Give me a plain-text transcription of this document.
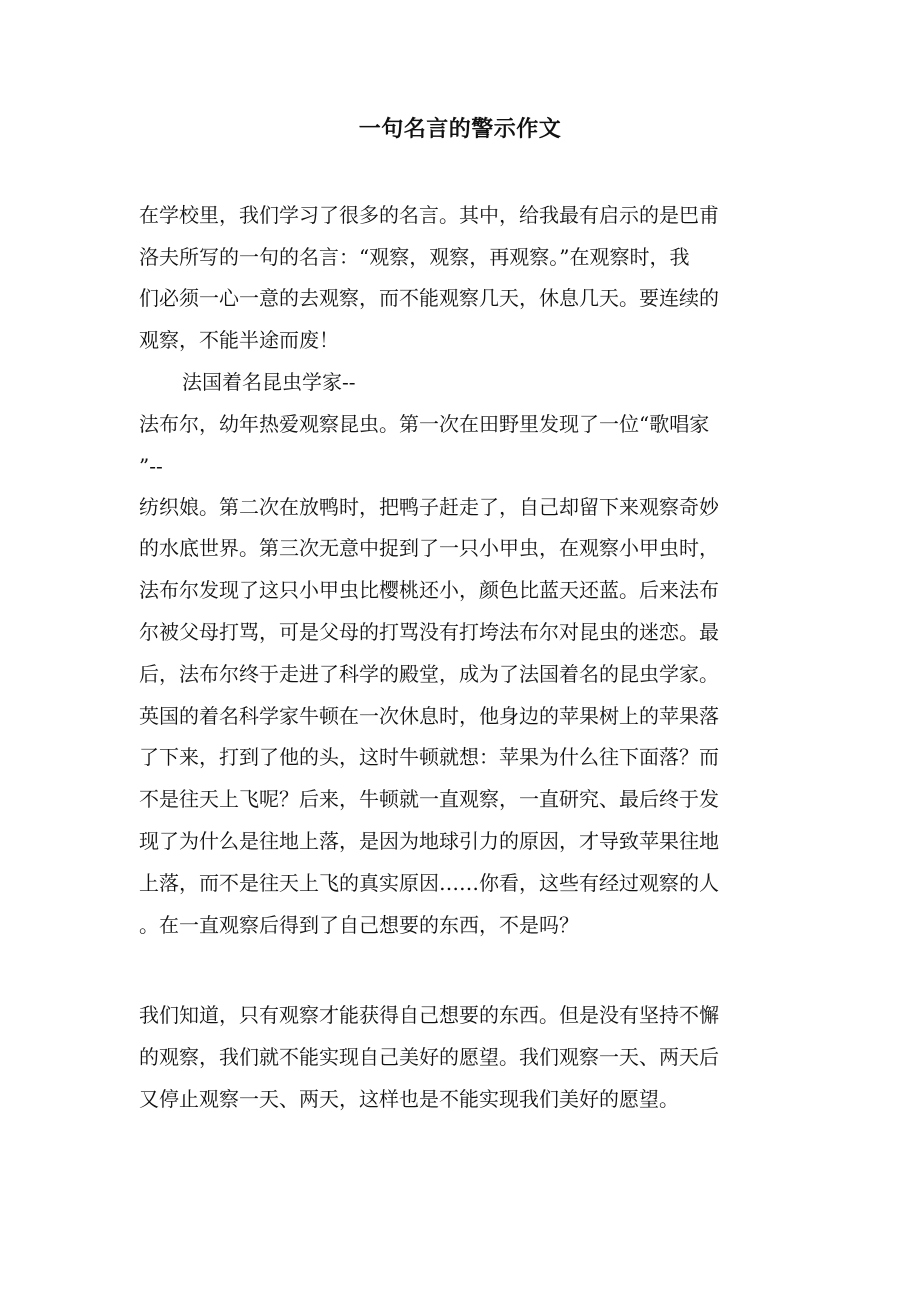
一句名言的警示作文
在学校里，我们学习了很多的名言。其中，给我最有启示的是巴甫
洛夫所写的一句的名言：“观察，观察，再观察。”在观察时，我
们必须一心一意的去观察，而不能观察几天，休息几天。要连续的
观察，不能半途而废！
法国着名昆虫学家--
法布尔，幼年热爱观察昆虫。第一次在田野里发现了一位“歌唱家
”--
纺织娘。第二次在放鸭时，把鸭子赶走了，自己却留下来观察奇妙
的水底世界。第三次无意中捉到了一只小甲虫，在观察小甲虫时，
法布尔发现了这只小甲虫比樱桃还小，颜色比蓝天还蓝。后来法布
尔被父母打骂，可是父母的打骂没有打垮法布尔对昆虫的迷恋。最
后，法布尔终于走进了科学的殿堂，成为了法国着名的昆虫学家。
英国的着名科学家牛顿在一次休息时，他身边的苹果树上的苹果落
了下来，打到了他的头，这时牛顿就想：苹果为什么往下面落？而
不是往天上飞呢？后来，牛顿就一直观察，一直研究、最后终于发
现了为什么是往地上落，是因为地球引力的原因，才导致苹果往地
上落，而不是往天上飞的真实原因……你看，这些有经过观察的人
。在一直观察后得到了自己想要的东西，不是吗？
我们知道，只有观察才能获得自己想要的东西。但是没有坚持不懈
的观察，我们就不能实现自己美好的愿望。我们观察一天、两天后
又停止观察一天、两天，这样也是不能实现我们美好的愿望。
